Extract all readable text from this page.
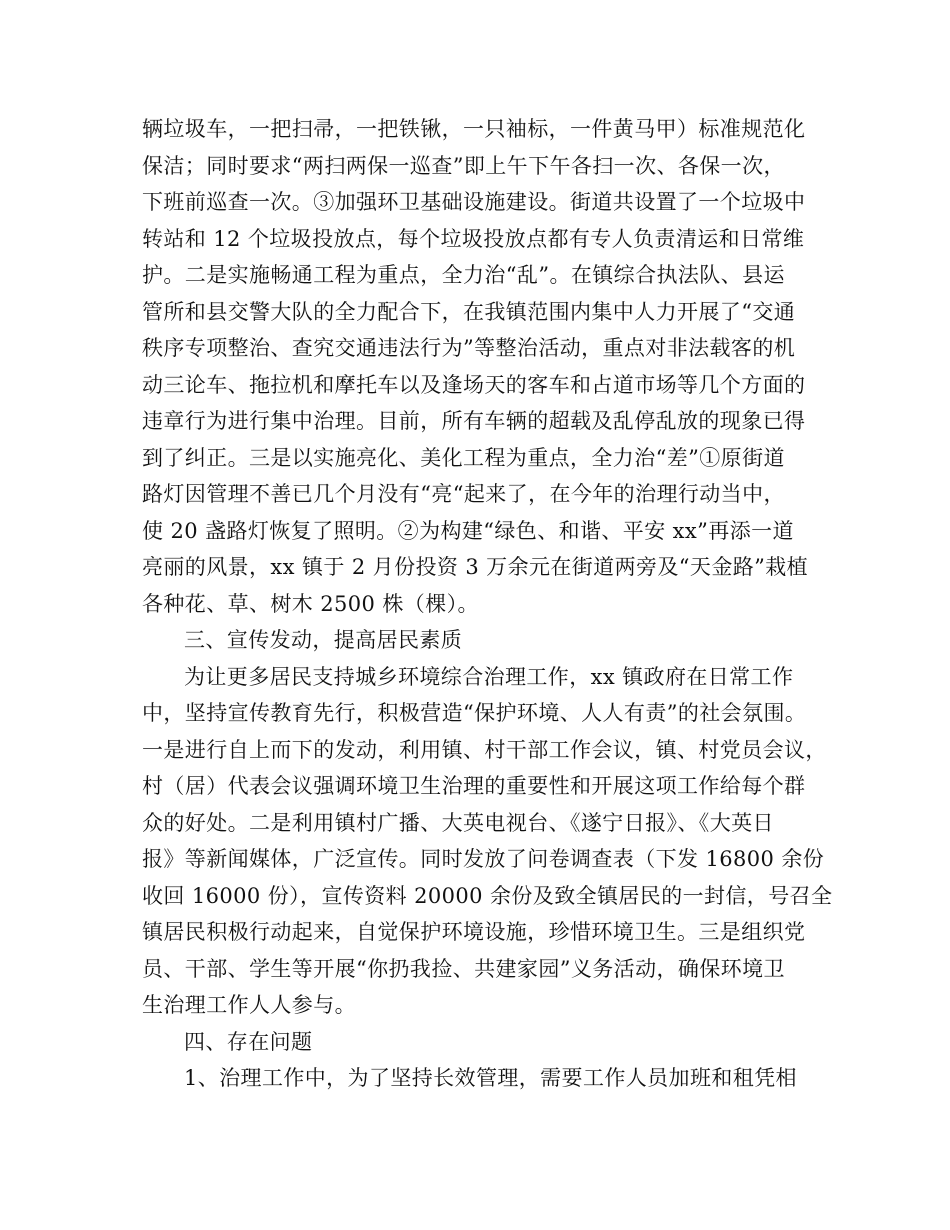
辆垃圾车，一把扫帚，一把铁锹，一只袖标，一件黄马甲）标准规范化
保洁；同时要求“两扫两保一巡查”即上午下午各扫一次、各保一次，
下班前巡查一次。③加强环卫基础设施建设。街道共设置了一个垃圾中
转站和 12 个垃圾投放点，每个垃圾投放点都有专人负责清运和日常维
护。二是实施畅通工程为重点，全力治“乱”。在镇综合执法队、县运
管所和县交警大队的全力配合下，在我镇范围内集中人力开展了“交通
秩序专项整治、查究交通违法行为”等整治活动，重点对非法载客的机
动三论车、拖拉机和摩托车以及逢场天的客车和占道市场等几个方面的
违章行为进行集中治理。目前，所有车辆的超载及乱停乱放的现象已得
到了纠正。三是以实施亮化、美化工程为重点，全力治“差”①原街道
路灯因管理不善已几个月没有“亮“起来了，在今年的治理行动当中，
使 20 盏路灯恢复了照明。②为构建“绿色、和谐、平安 xx”再添一道
亮丽的风景，xx 镇于 2 月份投资 3 万余元在街道两旁及“天金路”栽植
各种花、草、树木 2500 株（棵）。
三、宣传发动，提高居民素质
为让更多居民支持城乡环境综合治理工作，xx 镇政府在日常工作
中，坚持宣传教育先行，积极营造“保护环境、人人有责”的社会氛围。
一是进行自上而下的发动，利用镇、村干部工作会议，镇、村党员会议，
村（居）代表会议强调环境卫生治理的重要性和开展这项工作给每个群
众的好处。二是利用镇村广播、大英电视台、《遂宁日报》、《大英日
报》等新闻媒体，广泛宣传。同时发放了问卷调查表（下发 16800 余份
收回 16000 份），宣传资料 20000 余份及致全镇居民的一封信，号召全
镇居民积极行动起来，自觉保护环境设施，珍惜环境卫生。三是组织党
员、干部、学生等开展“你扔我捡、共建家园”义务活动，确保环境卫
生治理工作人人参与。
四、存在问题
1、治理工作中，为了坚持长效管理，需要工作人员加班和租凭相
